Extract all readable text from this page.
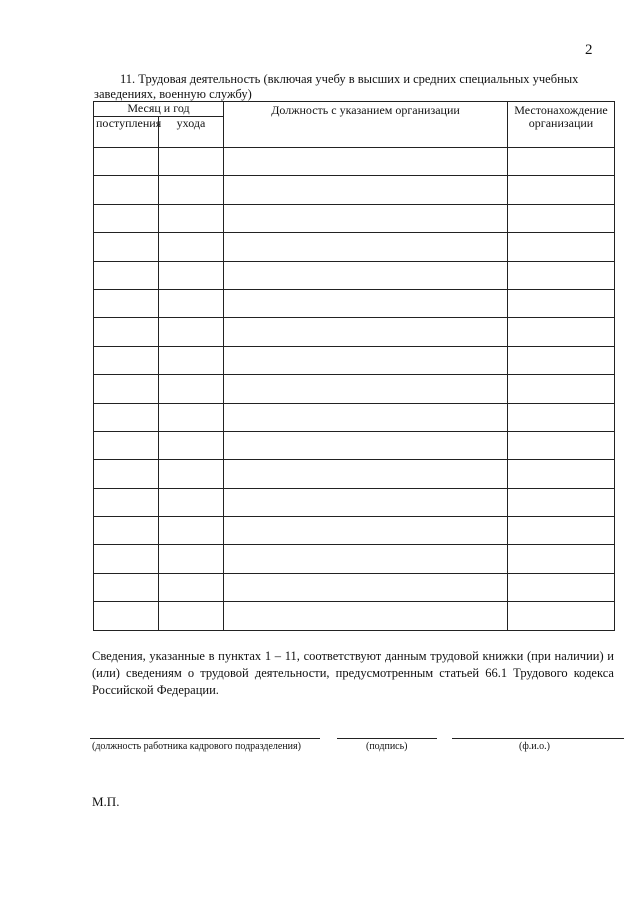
2
11. Трудовая деятельность (включая учебу в высших и средних специальных учебных
заведениях, военную службу)
Месяц и год		Должность с указанием организации	Местонахождение организации
поступления	ухода		

Сведения, указанные в пунктах 1 – 11, соответствуют данным трудовой книжки (при наличии) и (или) сведениям о трудовой деятельности, предусмотренным статьей 66.1 Трудового кодекса Российской Федерации.
(должность работника кадрового подразделения)	(подпись)	(ф.и.о.)
М.П.
